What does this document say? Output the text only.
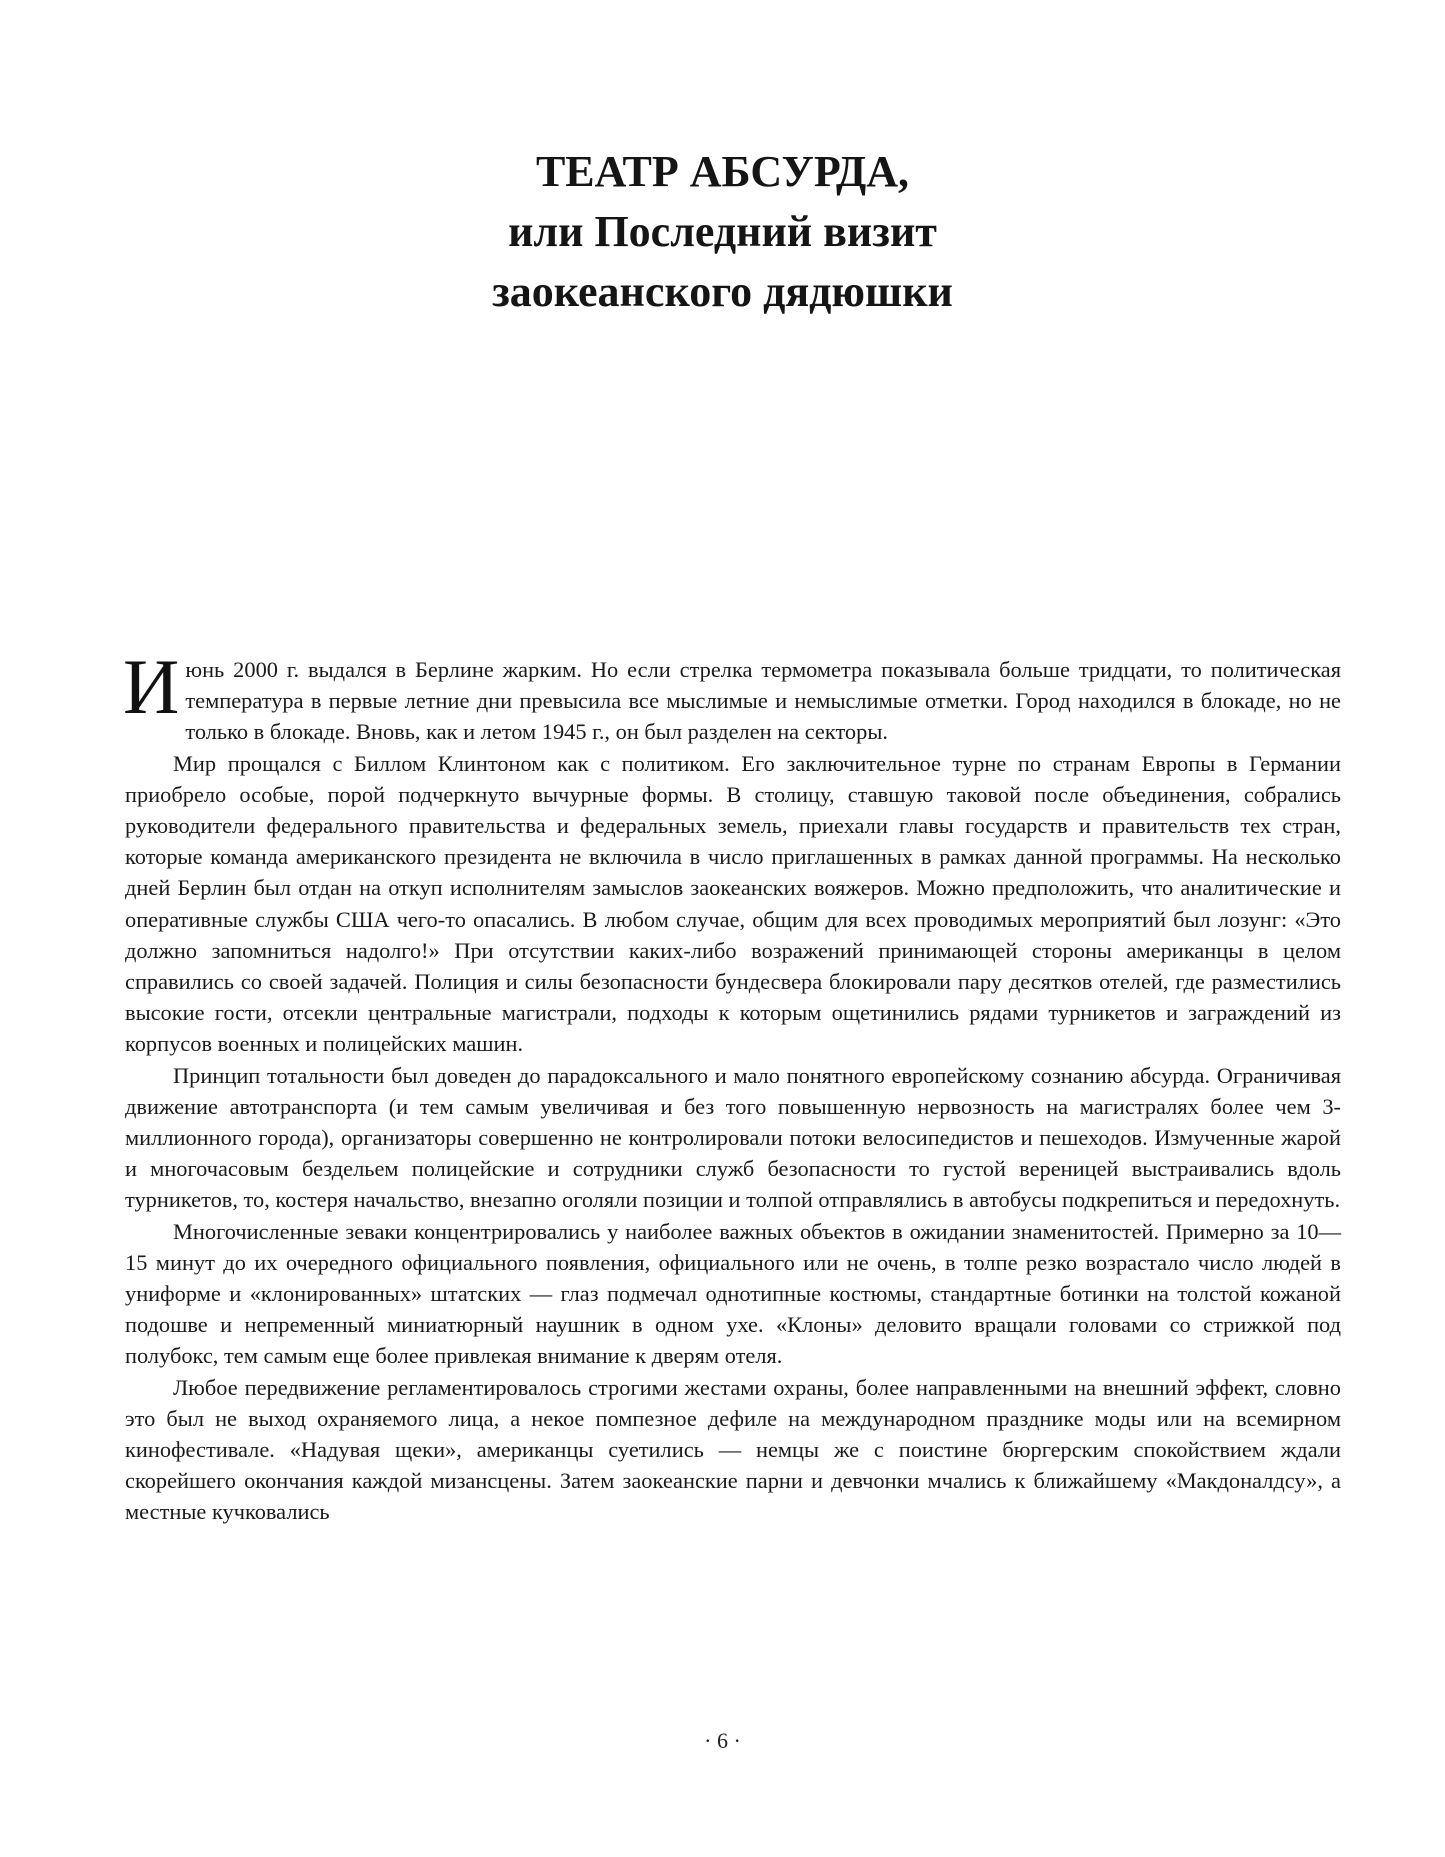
ТЕАТР АБСУРДА,
или Последний визит
заокеанского дядюшки

Июнь 2000 г. выдался в Берлине жарким. Но если стрелка термометра показывала больше тридцати, то политическая температура в первые летние дни превысила все мыслимые и немыслимые отметки. Город находился в блокаде, но не только в блокаде. Вновь, как и летом 1945 г., он был разделен на секторы.

Мир прощался с Биллом Клинтоном как с политиком. Его заключительное турне по странам Европы в Германии приобрело особые, порой подчеркнуто вычурные формы. В столицу, ставшую таковой после объединения, собрались руководители федерального правительства и федеральных земель, приехали главы государств и правительств тех стран, которые команда американского президента не включила в число приглашенных в рамках данной программы. На несколько дней Берлин был отдан на откуп исполнителям замыслов заокеанских вояжеров. Можно предположить, что аналитические и оперативные службы США чего-то опасались. В любом случае, общим для всех проводимых мероприятий был лозунг: «Это должно запомниться надолго!» При отсутствии каких-либо возражений принимающей стороны американцы в целом справились со своей задачей. Полиция и силы безопасности бундесвера блокировали пару десятков отелей, где разместились высокие гости, отсекли центральные магистрали, подходы к которым ощетинились рядами турникетов и заграждений из корпусов военных и полицейских машин.

Принцип тотальности был доведен до парадоксального и мало понятного европейскому сознанию абсурда. Ограничивая движение автотранспорта (и тем самым увеличивая и без того повышенную нервозность на магистралях более чем 3-миллионного города), организаторы совершенно не контролировали потоки велосипедистов и пешеходов. Измученные жарой и многочасовым бездельем полицейские и сотрудники служб безопасности то густой вереницей выстраивались вдоль турникетов, то, костеря начальство, внезапно оголяли позиции и толпой отправлялись в автобусы подкрепиться и передохнуть.

Многочисленные зеваки концентрировались у наиболее важных объектов в ожидании знаменитостей. Примерно за 10—15 минут до их очередного официального появления, официального или не очень, в толпе резко возрастало число людей в униформе и «клонированных» штатских — глаз подмечал однотипные костюмы, стандартные ботинки на толстой кожаной подошве и непременный миниатюрный наушник в одном ухе. «Клоны» деловито вращали головами со стрижкой под полубокс, тем самым еще более привлекая внимание к дверям отеля.

Любое передвижение регламентировалось строгими жестами охраны, более направленными на внешний эффект, словно это был не выход охраняемого лица, а некое помпезное дефиле на международном празднике моды или на всемирном кинофестивале. «Надувая щеки», американцы суетились — немцы же с поистине бюргерским спокойствием ждали скорейшего окончания каждой мизансцены. Затем заокеанские парни и девчонки мчались к ближайшему «Макдоналдсу», а местные кучковались

· 6 ·
